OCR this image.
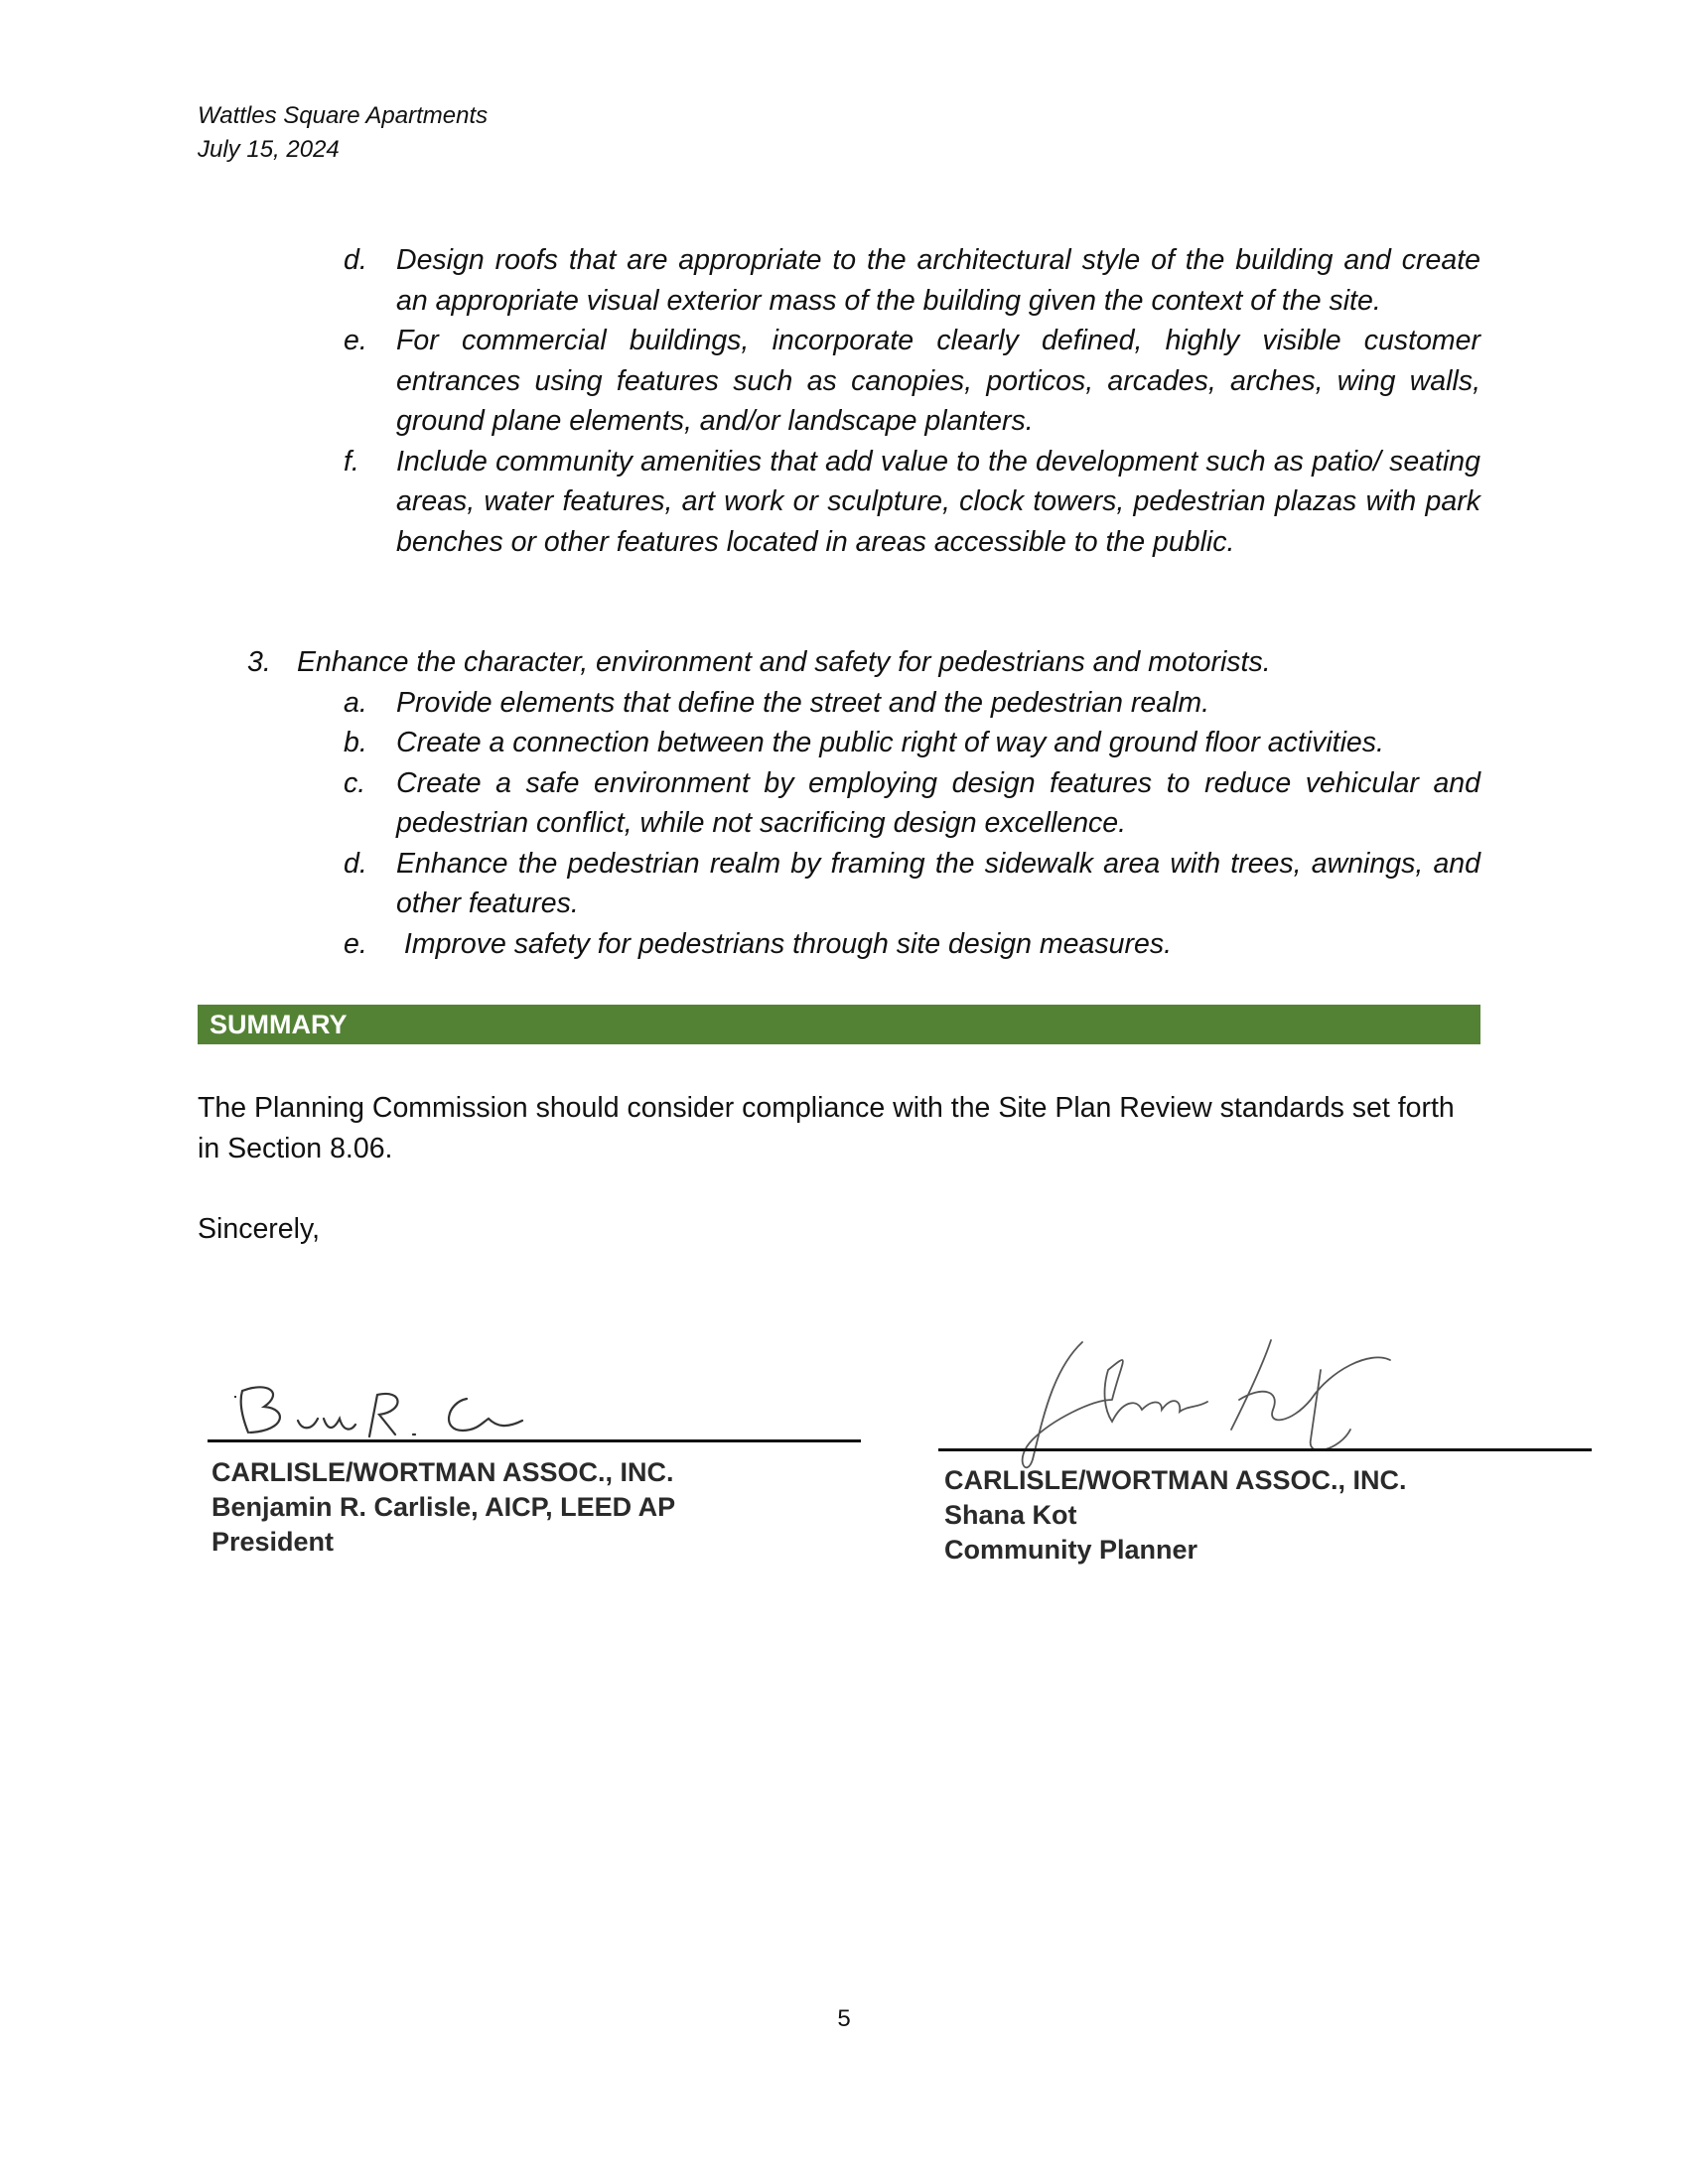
Wattles Square Apartments
July 15, 2024
d. Design roofs that are appropriate to the architectural style of the building and create an appropriate visual exterior mass of the building given the context of the site.
e. For commercial buildings, incorporate clearly defined, highly visible customer entrances using features such as canopies, porticos, arcades, arches, wing walls, ground plane elements, and/or landscape planters.
f. Include community amenities that add value to the development such as patio/ seating areas, water features, art work or sculpture, clock towers, pedestrian plazas with park benches or other features located in areas accessible to the public.
3. Enhance the character, environment and safety for pedestrians and motorists.
a. Provide elements that define the street and the pedestrian realm.
b. Create a connection between the public right of way and ground floor activities.
c. Create a safe environment by employing design features to reduce vehicular and pedestrian conflict, while not sacrificing design excellence.
d. Enhance the pedestrian realm by framing the sidewalk area with trees, awnings, and other features.
e. Improve safety for pedestrians through site design measures.
SUMMARY
The Planning Commission should consider compliance with the Site Plan Review standards set forth in Section 8.06.
Sincerely,
CARLISLE/WORTMAN ASSOC., INC.
Benjamin R. Carlisle, AICP, LEED AP
President
CARLISLE/WORTMAN ASSOC., INC.
Shana Kot
Community Planner
5
